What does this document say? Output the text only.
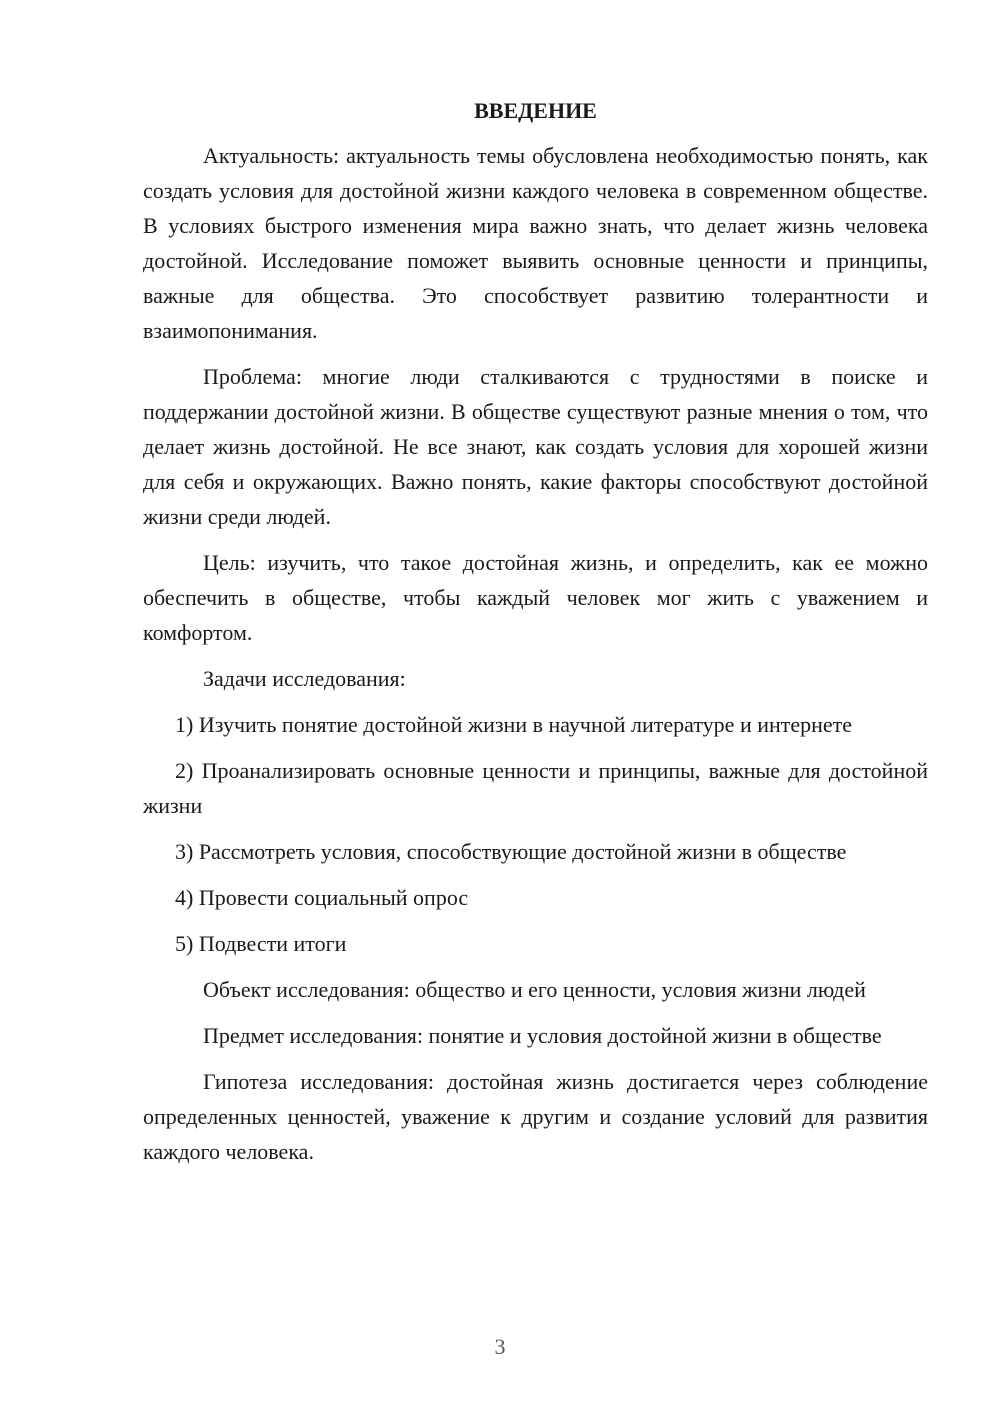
ВВЕДЕНИЕ

Актуальность: актуальность темы обусловлена необходимостью понять, как создать условия для достойной жизни каждого человека в современном обществе. В условиях быстрого изменения мира важно знать, что делает жизнь человека достойной. Исследование поможет выявить основные ценности и принципы, важные для общества. Это способствует развитию толерантности и взаимопонимания.

Проблема: многие люди сталкиваются с трудностями в поиске и поддержании достойной жизни. В обществе существуют разные мнения о том, что делает жизнь достойной. Не все знают, как создать условия для хорошей жизни для себя и окружающих. Важно понять, какие факторы способствуют достойной жизни среди людей.

Цель: изучить, что такое достойная жизнь, и определить, как ее можно обеспечить в обществе, чтобы каждый человек мог жить с уважением и комфортом.

Задачи исследования:

1) Изучить понятие достойной жизни в научной литературе и интернете

2) Проанализировать основные ценности и принципы, важные для достойной жизни

3) Рассмотреть условия, способствующие достойной жизни в обществе

4) Провести социальный опрос

5) Подвести итоги

Объект исследования: общество и его ценности, условия жизни людей

Предмет исследования: понятие и условия достойной жизни в обществе

Гипотеза исследования: достойная жизнь достигается через соблюдение определенных ценностей, уважение к другим и создание условий для развития каждого человека.

3
